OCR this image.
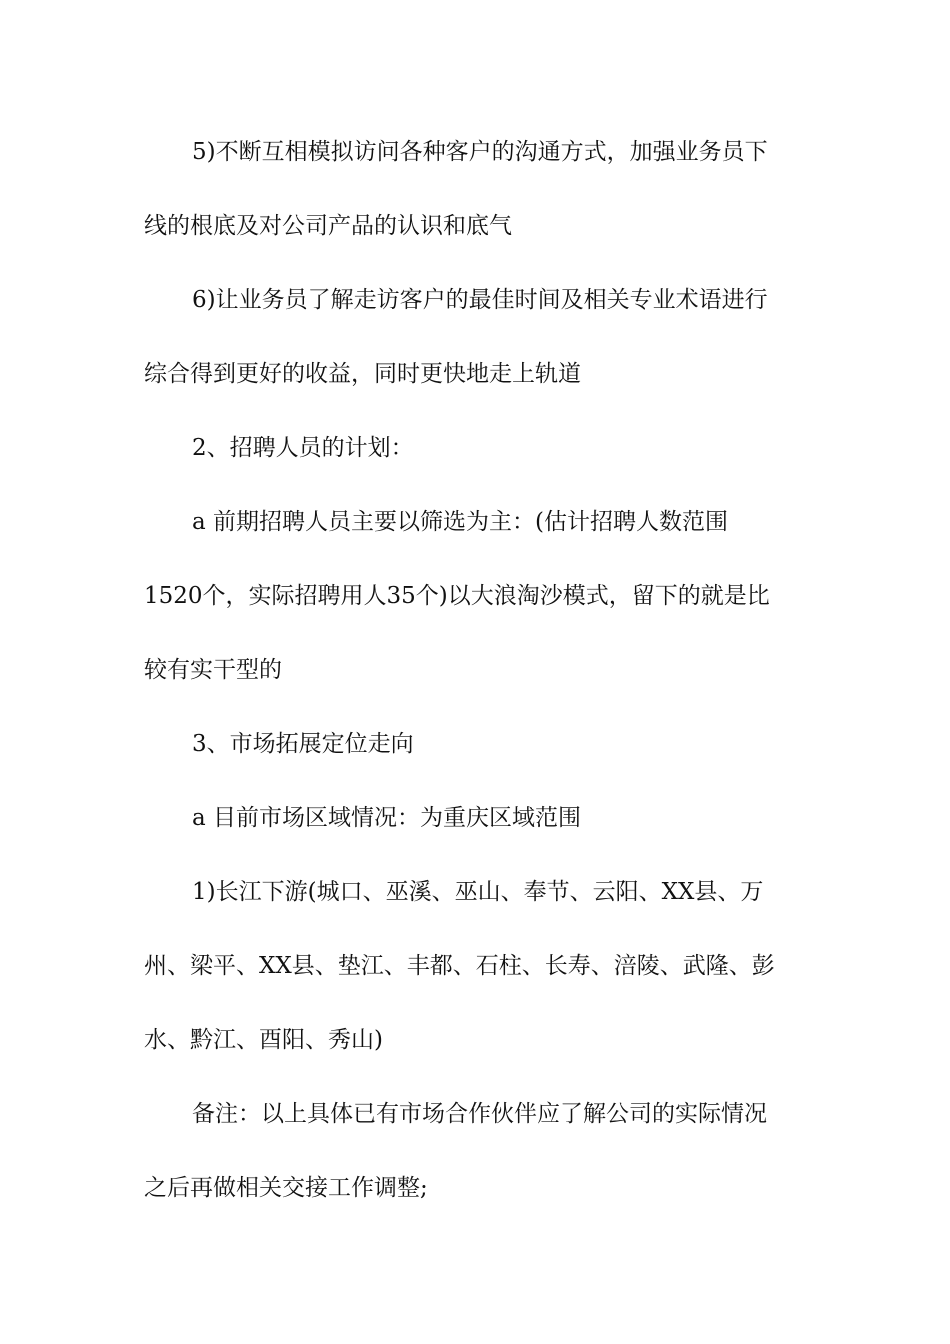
5)不断互相模拟访问各种客户的沟通方式，加强业务员下
线的根底及对公司产品的认识和底气
6)让业务员了解走访客户的最佳时间及相关专业术语进行
综合得到更好的收益，同时更快地走上轨道
2、招聘人员的计划：
a 前期招聘人员主要以筛选为主：(估计招聘人数范围
1520个，实际招聘用人35个)以大浪淘沙模式，留下的就是比
较有实干型的
3、市场拓展定位走向
a 目前市场区域情况：为重庆区域范围
1)长江下游(城口、巫溪、巫山、奉节、云阳、XX县、万
州、梁平、XX县、垫江、丰都、石柱、长寿、涪陵、武隆、彭
水、黔江、酉阳、秀山)
备注：以上具体已有市场合作伙伴应了解公司的实际情况
之后再做相关交接工作调整;
